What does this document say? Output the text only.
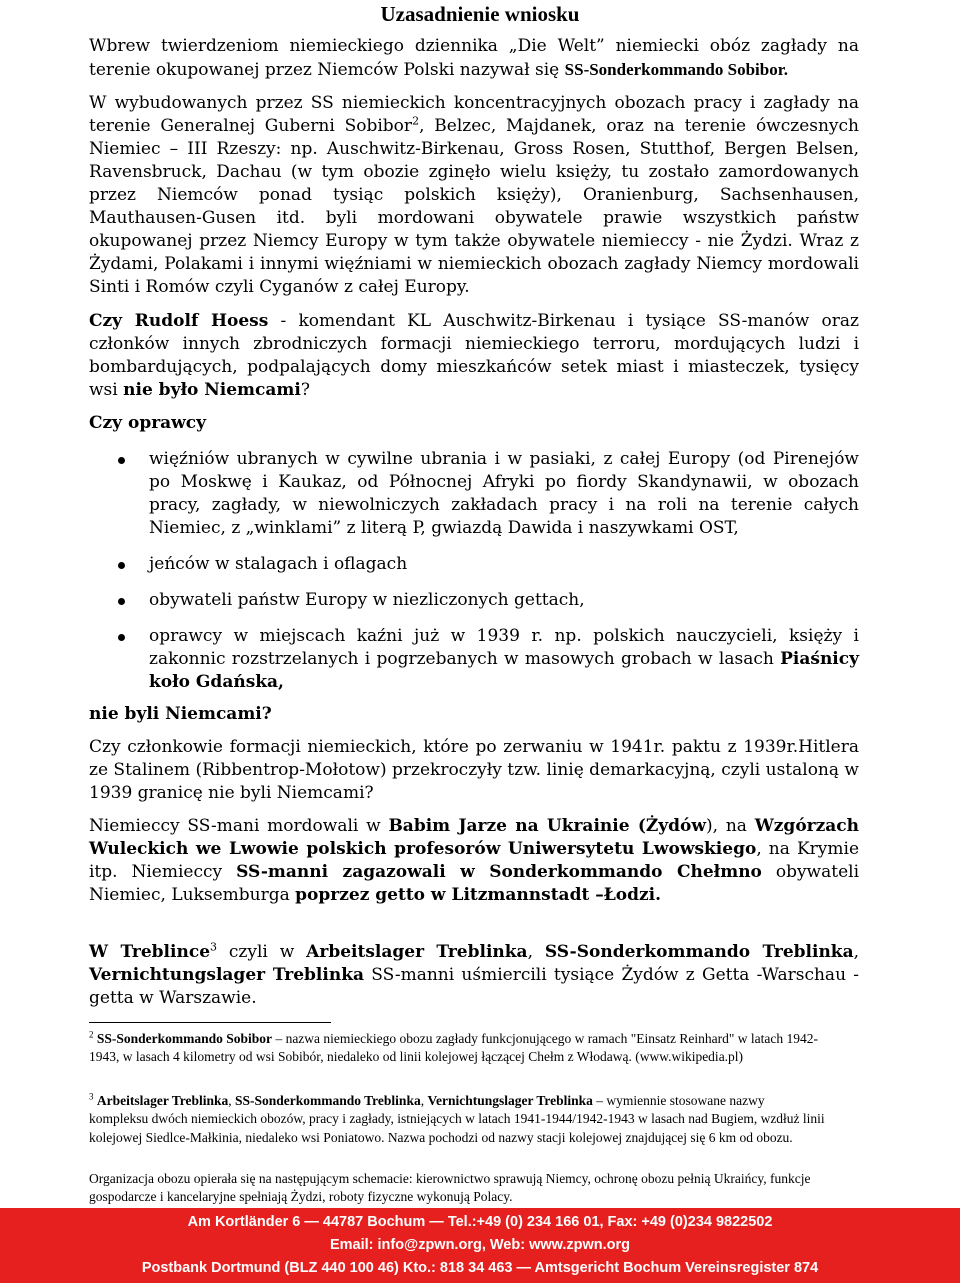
Uzasadnienie wniosku
Wbrew twierdzeniom niemieckiego dziennika „Die Welt” niemiecki obóz zagłady na terenie okupowanej przez Niemców Polski nazywał się SS-Sonderkommando Sobibor.
W wybudowanych przez SS niemieckich koncentracyjnych obozach pracy i zagłady na terenie Generalnej Guberni Sobibor$^2$, Belzec, Majdanek, oraz na terenie ówczesnych Niemiec – III Rzeszy: np. Auschwitz-Birkenau, Gross Rosen, Stutthof, Bergen Belsen, Ravensbruck, Dachau (w tym obozie zginęło wielu księży, tu zostało zamordowanych przez Niemców ponad tysiąc polskich księży), Oranienburg, Sachsenhausen, Mauthausen-Gusen itd. byli mordowani obywatele prawie wszystkich państw okupowanej przez Niemcy Europy w tym także obywatele niemieccy - nie Żydzi. Wraz z Żydami, Polakami i innymi więźniami w niemieckich obozach zagłady Niemcy mordowali Sinti i Romów czyli Cyganów z całej Europy.
Czy Rudolf Hoess - komendant KL Auschwitz-Birkenau i tysiące SS-manów oraz członków innych zbrodniczych formacji niemieckiego terroru, mordujących ludzi i bombardujących, podpalających domy mieszkańców setek miast i miasteczek, tysięcy wsi nie było Niemcami?
Czy oprawcy
więźniów ubranych w cywilne ubrania i w pasiaki, z całej Europy (od Pirenejów po Moskwę i Kaukaz, od Północnej Afryki po fiordy Skandynawii, w obozach pracy, zagłady, w niewolniczych zakładach pracy i na roli na terenie całych Niemiec, z „winklami” z literą P, gwiazdą Dawida i naszywkami OST,
jeńców w stalagach i oflagach
obywateli państw Europy w niezliczonych gettach,
oprawcy w miejscach kaźni już w 1939 r. np. polskich nauczycieli, księży i zakonnic rozstrzelanych i pogrzebanych w masowych grobach w lasach Piaśnicy koło Gdańska,
nie byli Niemcami?
Czy członkowie formacji niemieckich, które po zerwaniu w 1941r. paktu z 1939r.Hitlera ze Stalinem (Ribbentrop-Mołotow) przekroczyły tzw. linię demarkacyjną, czyli ustaloną w 1939 granicę nie byli Niemcami?
Niemieccy SS-mani mordowali w Babim Jarze na Ukrainie (Żydów), na Wzgórzach Wuleckich we Lwowie polskich profesorów Uniwersytetu Lwowskiego, na Krymie itp. Niemieccy SS-manni zagazowali w Sonderkommando Chełmno obywateli Niemiec, Luksemburga poprzez getto w Litzmannstadt –Łodzi.
W Treblince$^3$ czyli w Arbeitslager Treblinka, SS-Sonderkommando Treblinka, Vernichtungslager Treblinka SS-manni uśmiercili tysiące Żydów z Getta -Warschau - getta w Warszawie.
$^2$ SS-Sonderkommando Sobibor – nazwa niemieckiego obozu zagłady funkcjonującego w ramach "Einsatz Reinhard" w latach 1942-1943, w lasach 4 kilometry od wsi Sobibór, niedaleko od linii kolejowej łączącej Chełm z Włodawą. (www.wikipedia.pl)
$^3$ Arbeitslager Treblinka, SS-Sonderkommando Treblinka, Vernichtungslager Treblinka – wymiennie stosowane nazwy kompleksu dwóch niemieckich obozów, pracy i zagłady, istniejących w latach 1941-1944/1942-1943 w lasach nad Bugiem, wzdłuż linii kolejowej Siedlce-Małkinia, niedaleko wsi Poniatowo. Nazwa pochodzi od nazwy stacji kolejowej znajdującej się 6 km od obozu.
Organizacja obozu opierała się na następującym schemacie: kierownictwo sprawują Niemcy, ochronę obozu pełnią Ukraińcy, funkcje gospodarcze i kancelaryjne spełniają Żydzi, roboty fizyczne wykonują Polacy.
Am Kortländer 6 — 44787 Bochum — Tel.:+49 (0) 234 166 01, Fax: +49 (0)234 9822502
Email: info@zpwn.org, Web: www.zpwn.org
Postbank Dortmund (BLZ 440 100 46) Kto.: 818 34 463 — Amtsgericht Bochum Vereinsregister 874
